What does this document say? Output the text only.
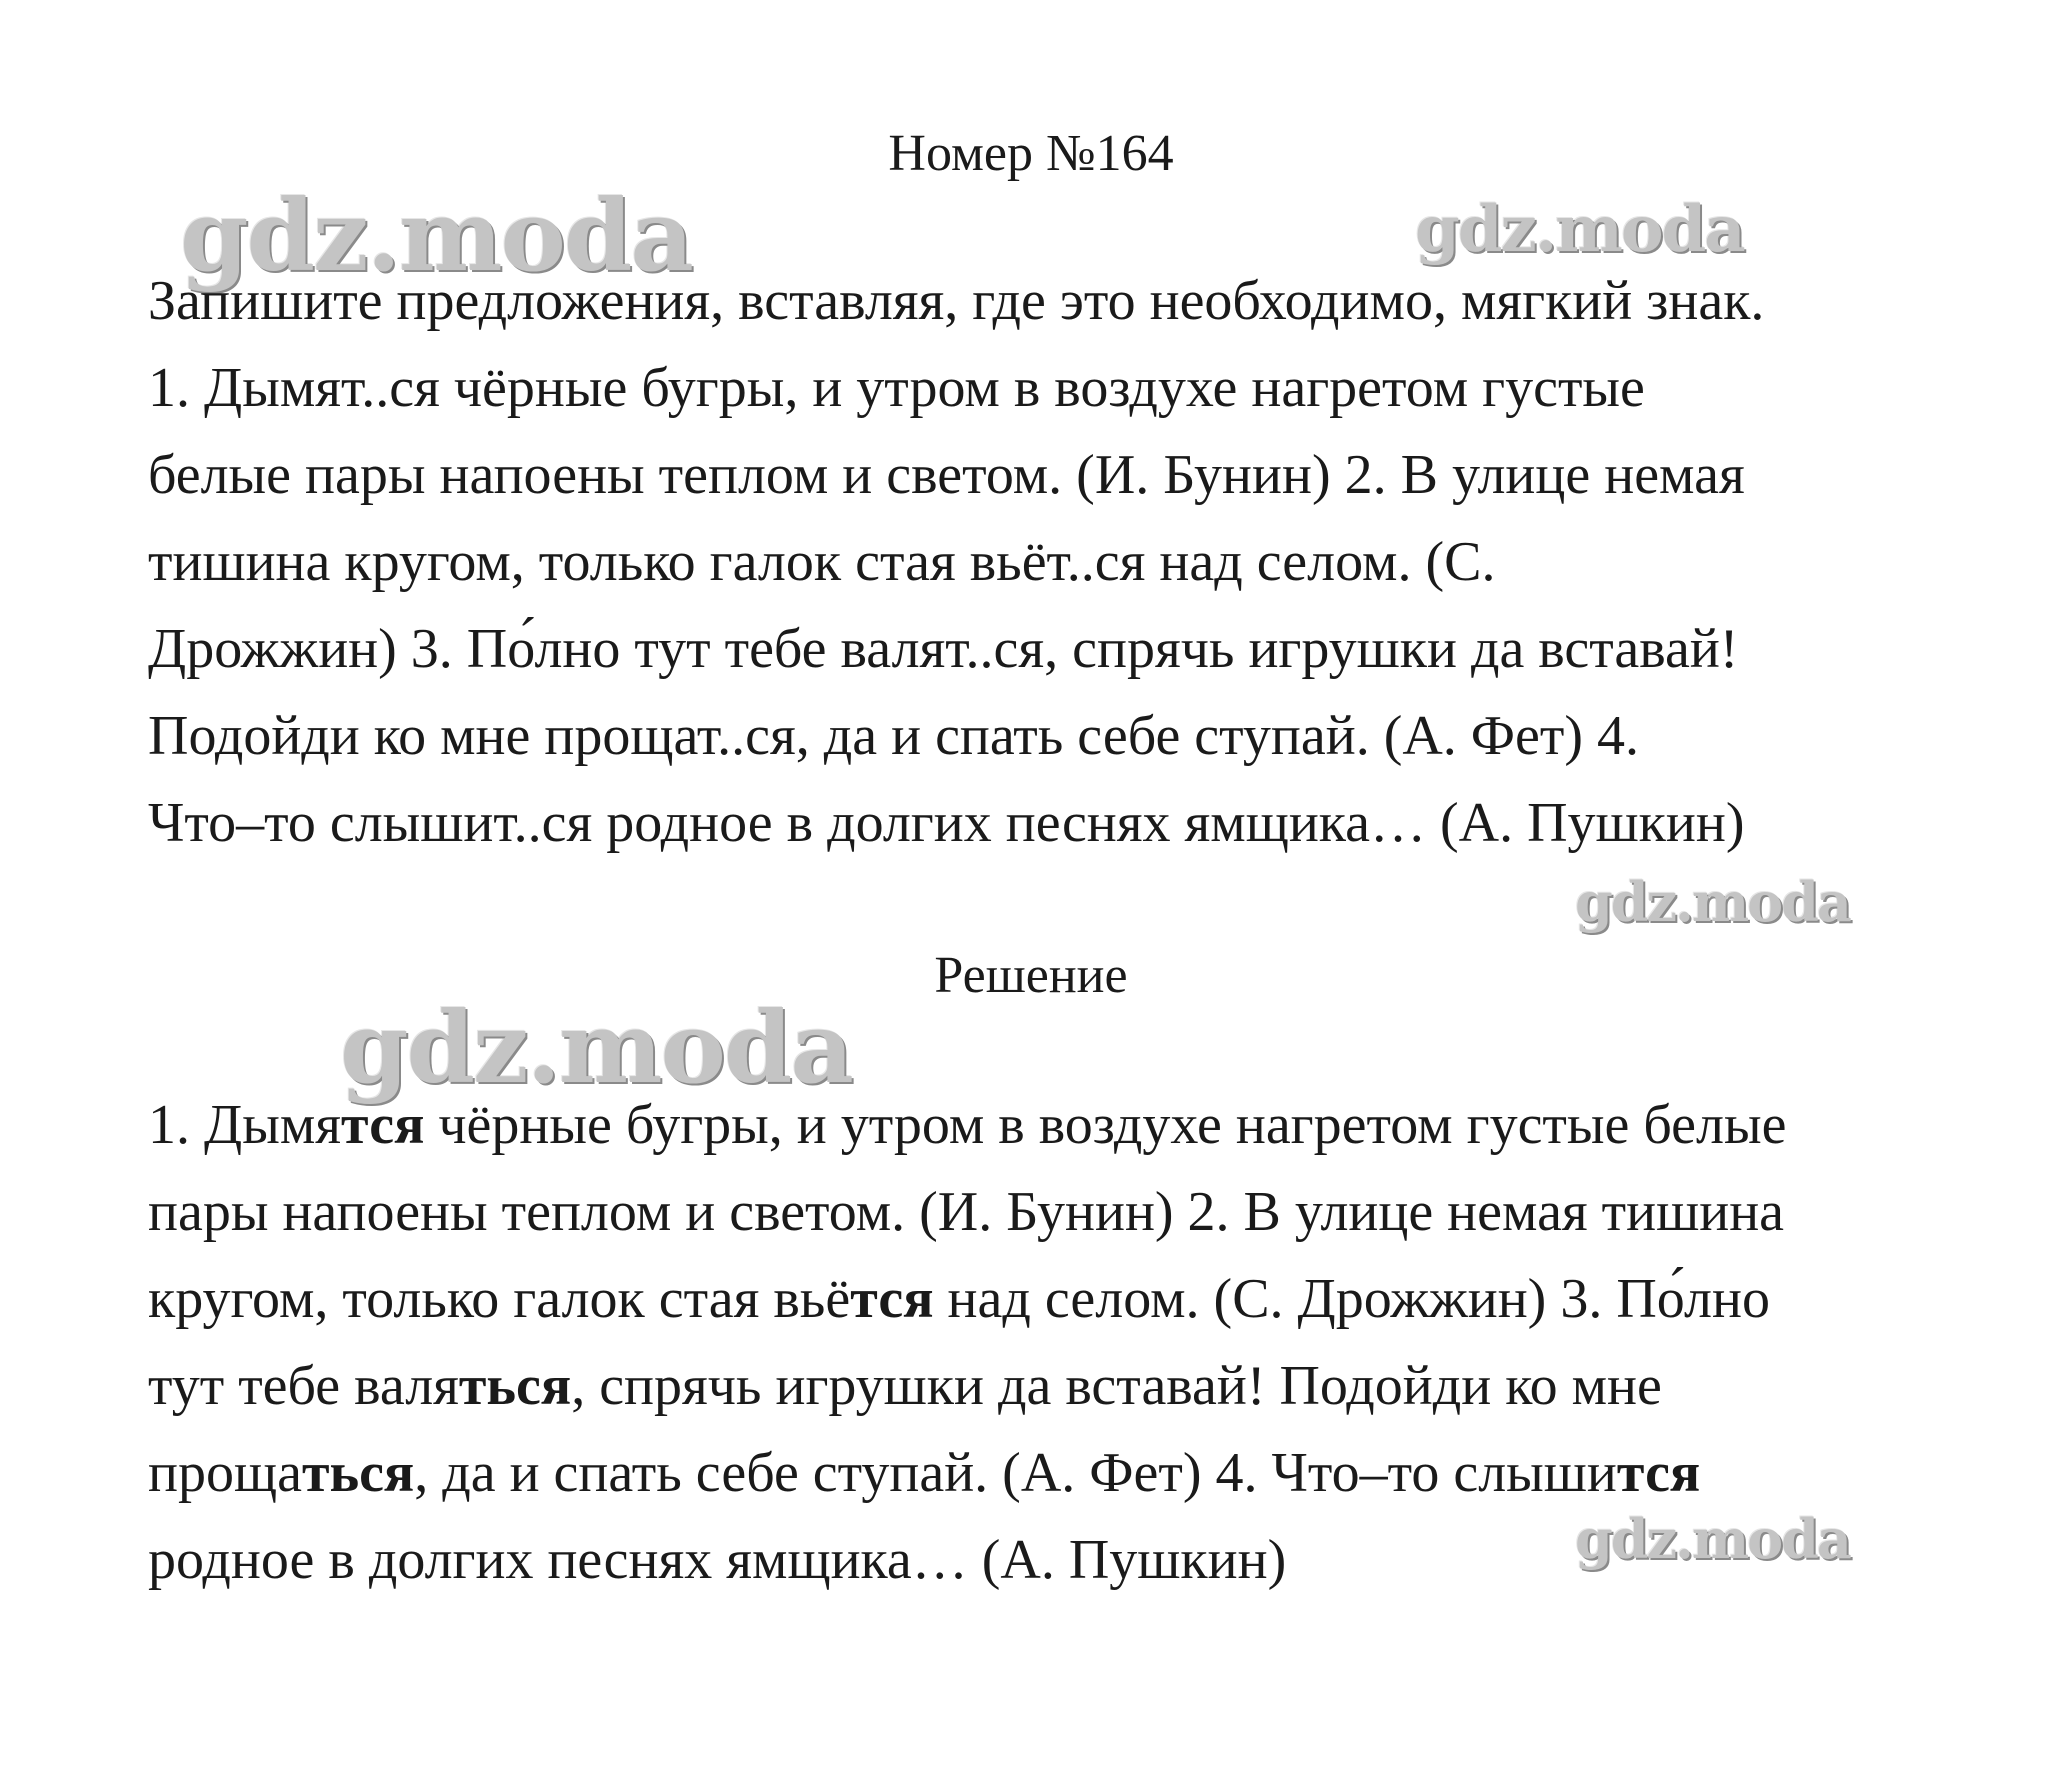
gdz.moda	gdz.moda
gdz.moda
gdz.moda
gdz.moda
Номер №164
Запишите предложения, вставляя, где это необходимо, мягкий знак.
1. Дымят..ся чёрные бугры, и утром в воздухе нагретом густые
белые пары напоены теплом и светом. (И. Бунин) 2. В улице немая
тишина кругом, только галок стая вьёт..ся над селом. (С.
Дрожжин) 3. По́лно тут тебе валят..ся, спрячь игрушки да вставай!
Подойди ко мне прощат..ся, да и спать себе ступай. (А. Фет) 4.
Что–то слышит..ся родное в долгих песнях ямщика… (А. Пушкин)
Решение
1. Дымятся чёрные бугры, и утром в воздухе нагретом густые белые
пары напоены теплом и светом. (И. Бунин) 2. В улице немая тишина
кругом, только галок стая вьётся над селом. (С. Дрожжин) 3. По́лно
тут тебе валяться, спрячь игрушки да вставай! Подойди ко мне
прощаться, да и спать себе ступай. (А. Фет) 4. Что–то слышится
родное в долгих песнях ямщика… (А. Пушкин)
